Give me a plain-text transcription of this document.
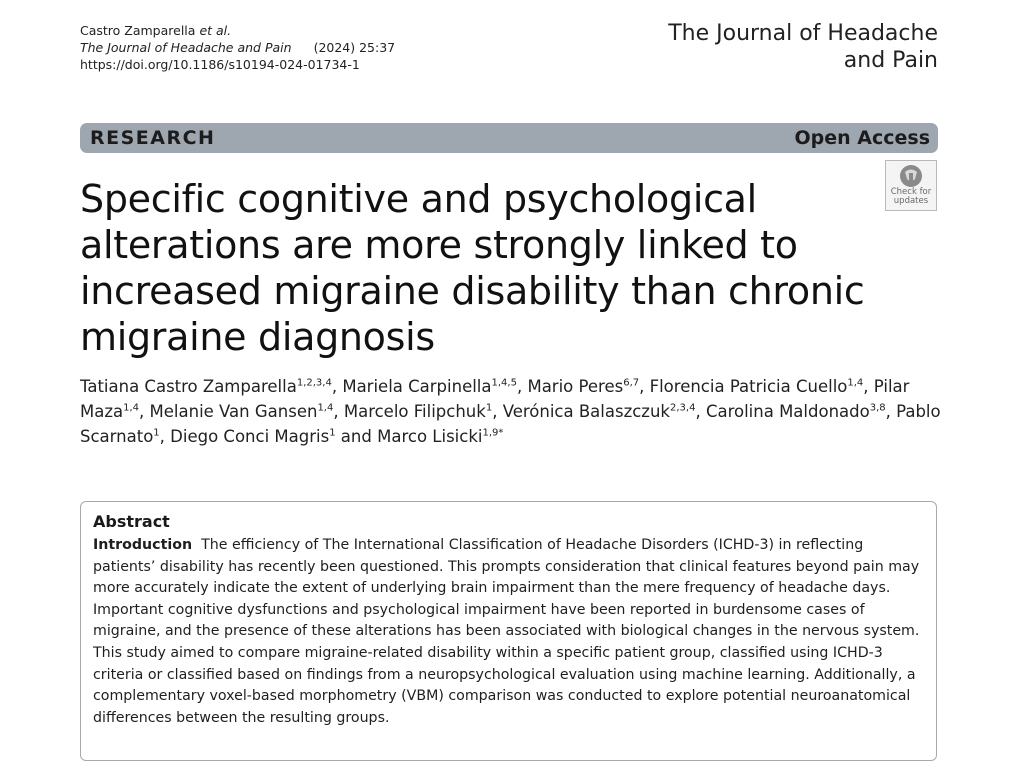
Castro Zamparella et al.
The Journal of Headache and Pain (2024) 25:37
https://doi.org/10.1186/s10194-024-01734-1
The Journal of Headache
and Pain
RESEARCH	Open Access
Check for
updates
Specific cognitive and psychological alterations are more strongly linked to increased migraine disability than chronic migraine diagnosis
Tatiana Castro Zamparella$^{1,2,3,4}$, Mariela Carpinella$^{1,4,5}$, Mario Peres$^{6,7}$, Florencia Patricia Cuello$^{1,4}$, Pilar Maza$^{1,4}$, Melanie Van Gansen$^{1,4}$, Marcelo Filipchuk$^1$, Verónica Balaszczuk$^{2,3,4}$, Carolina Maldonado$^{3,8}$, Pablo Scarnato$^1$, Diego Conci Magris$^1$ and Marco Lisicki$^{1,9*}$
Abstract
Introduction The efficiency of The International Classification of Headache Disorders (ICHD-3) in reflecting patients’ disability has recently been questioned. This prompts consideration that clinical features beyond pain may more accurately indicate the extent of underlying brain impairment than the mere frequency of headache days. Important cognitive dysfunctions and psychological impairment have been reported in burdensome cases of migraine, and the presence of these alterations has been associated with biological changes in the nervous system. This study aimed to compare migraine-related disability within a specific patient group, classified using ICHD-3 criteria or classified based on findings from a neuropsychological evaluation using machine learning. Additionally, a complementary voxel-based morphometry (VBM) comparison was conducted to explore potential neuroanatomical differences between the resulting groups.
